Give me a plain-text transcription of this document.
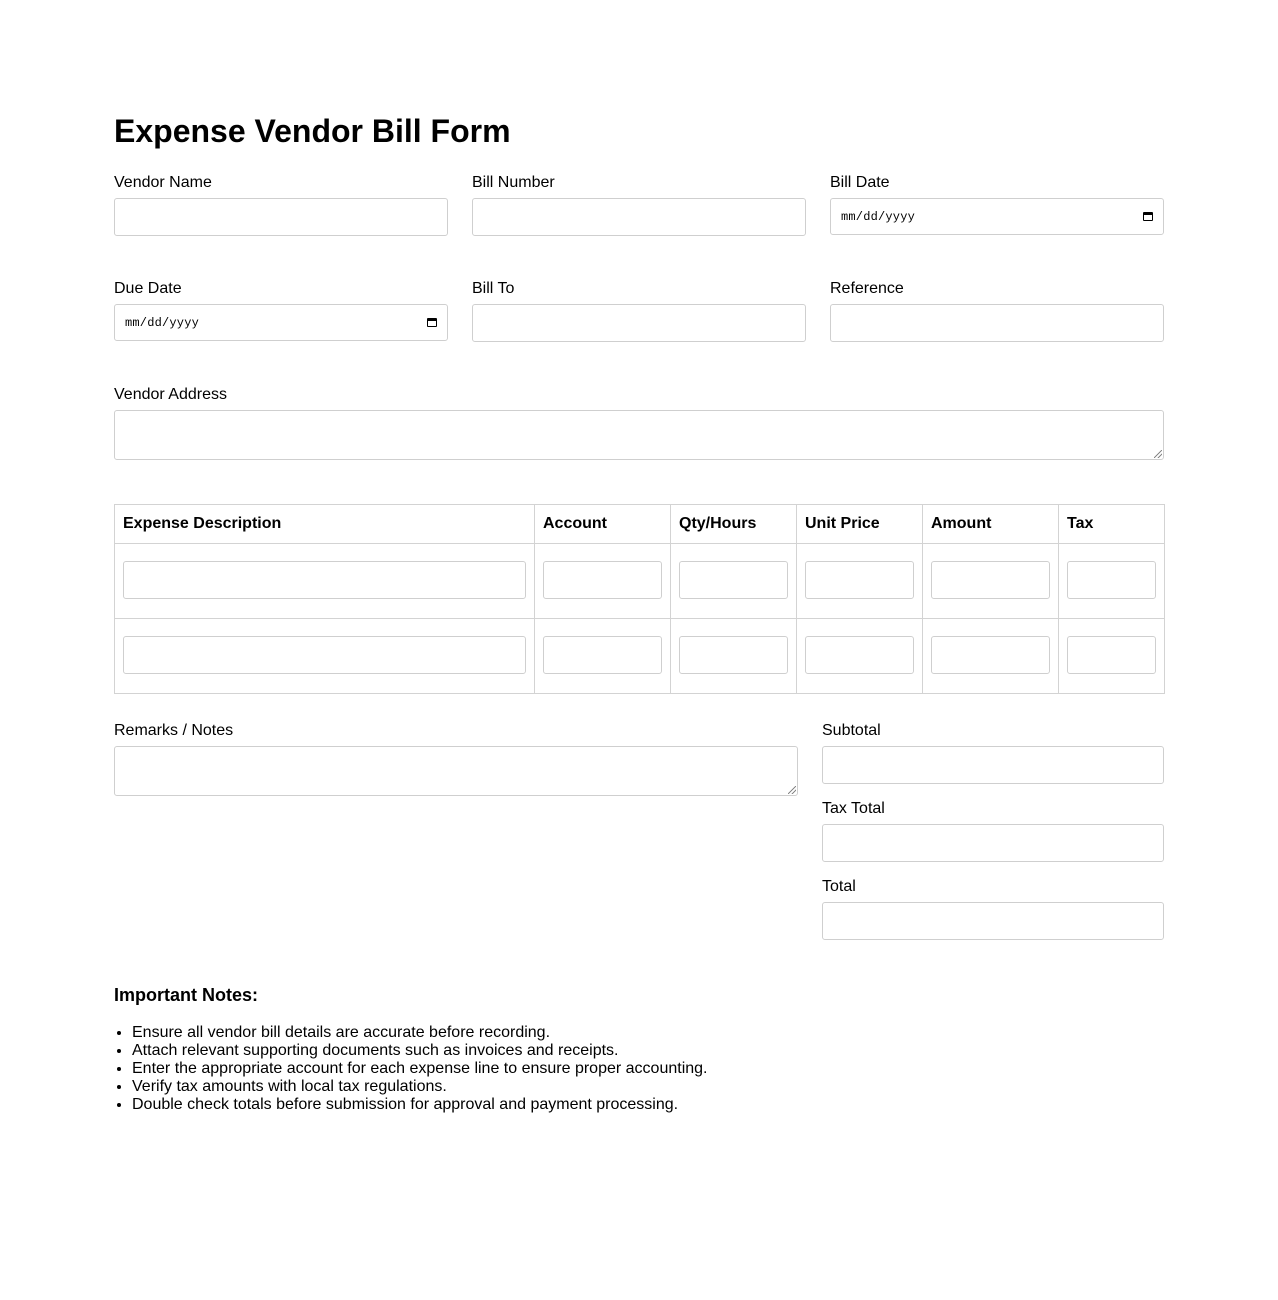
Expense Vendor Bill Form
Vendor Name	Bill Number	Bill Date
mm/dd/yyyy
Due Date
mm/dd/yyyy
Bill To	Reference
Vendor Address
Expense Description	Account	Qty/Hours	Unit Price	Amount	Tax

Remarks / Notes	Subtotal
Tax Total
Total
Important Notes:
• Ensure all vendor bill details are accurate before recording.
• Attach relevant supporting documents such as invoices and receipts.
• Enter the appropriate account for each expense line to ensure proper accounting.
• Verify tax amounts with local tax regulations.
• Double check totals before submission for approval and payment processing.
